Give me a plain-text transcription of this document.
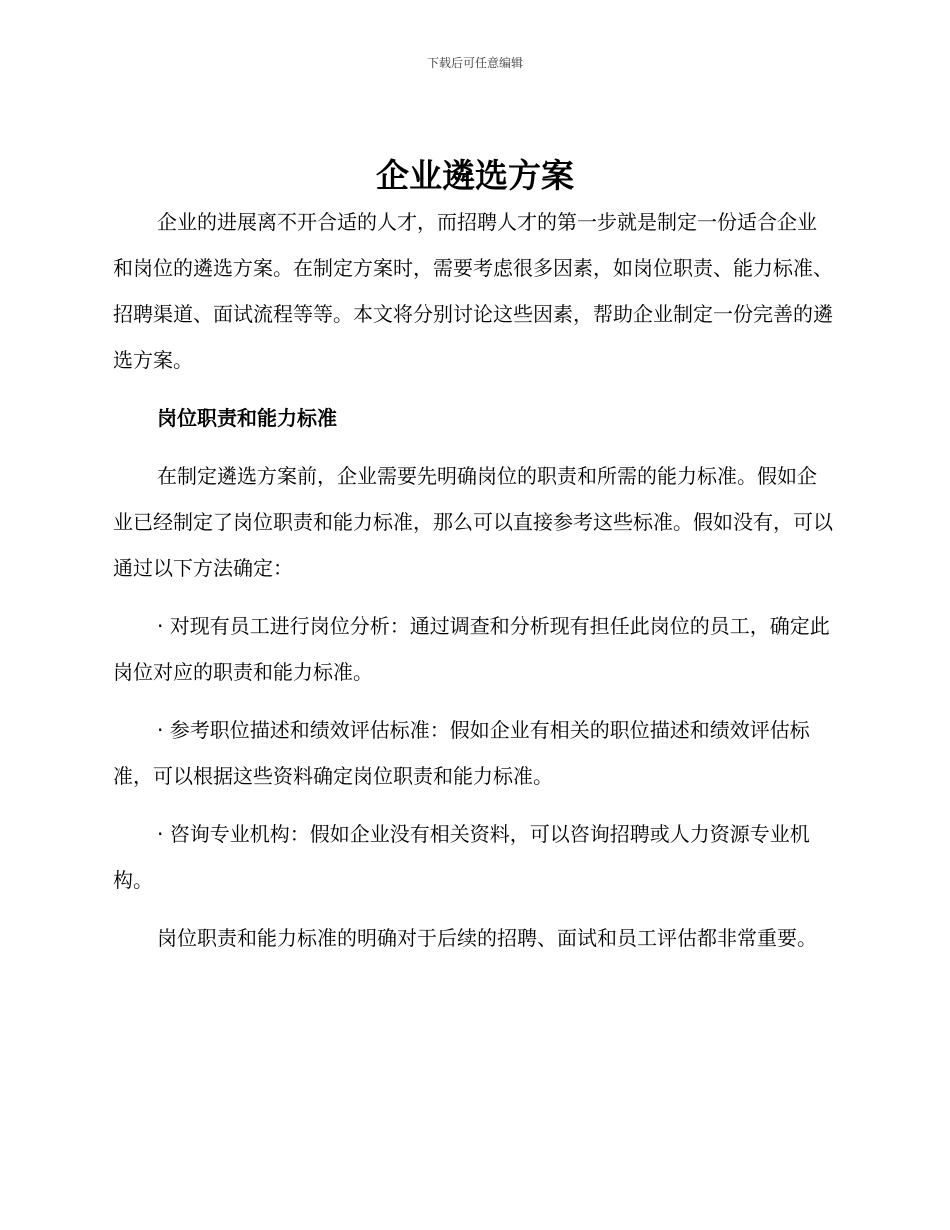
下载后可任意编辑
企业遴选方案

企业的进展离不开合适的人才，而招聘人才的第一步就是制定一份适合企业和岗位的遴选方案。在制定方案时，需要考虑很多因素，如岗位职责、能力标准、招聘渠道、面试流程等等。本文将分别讨论这些因素，帮助企业制定一份完善的遴选方案。

岗位职责和能力标准

在制定遴选方案前，企业需要先明确岗位的职责和所需的能力标准。假如企业已经制定了岗位职责和能力标准，那么可以直接参考这些标准。假如没有，可以通过以下方法确定：

· 对现有员工进行岗位分析：通过调查和分析现有担任此岗位的员工，确定此岗位对应的职责和能力标准。

· 参考职位描述和绩效评估标准：假如企业有相关的职位描述和绩效评估标准，可以根据这些资料确定岗位职责和能力标准。

· 咨询专业机构：假如企业没有相关资料，可以咨询招聘或人力资源专业机构。

岗位职责和能力标准的明确对于后续的招聘、面试和员工评估都非常重要。
